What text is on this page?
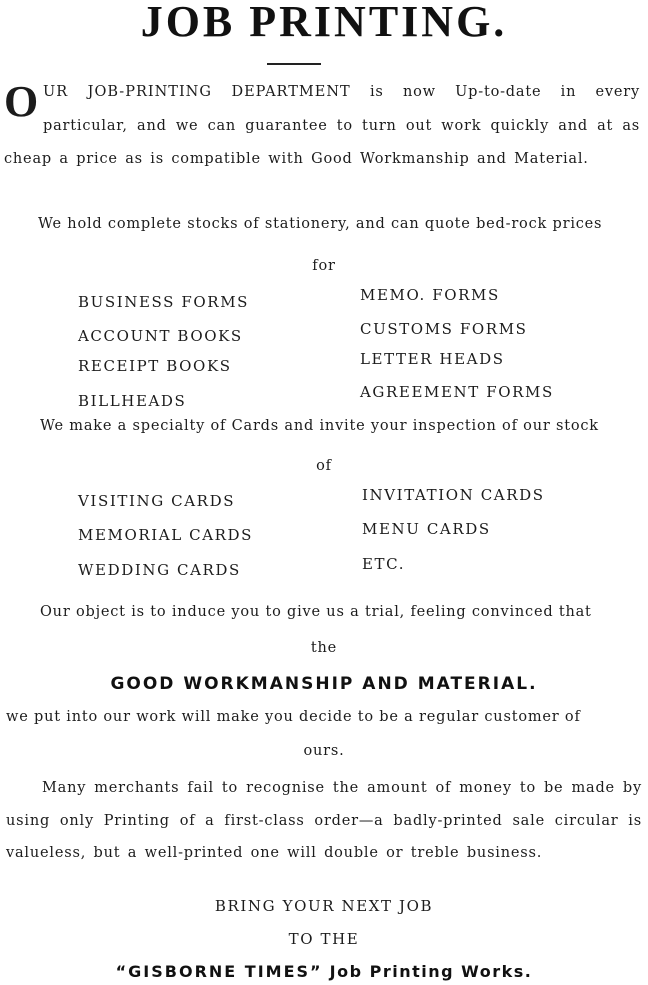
JOB PRINTING.
O UR JOB-PRINTING DEPARTMENT is now Up-to-date in every particular, and we can guarantee to turn out work quickly and at as cheap a price as is compatible with Good Workmanship and Material.
We hold complete stocks of stationery, and can quote bed-rock prices
for
BUSINESS FORMS
ACCOUNT BOOKS
RECEIPT BOOKS
BILLHEADS
MEMO. FORMS
CUSTOMS FORMS
LETTER HEADS
AGREEMENT FORMS
We make a specialty of Cards and invite your inspection of our stock
of
VISITING CARDS
MEMORIAL CARDS
WEDDING CARDS
INVITATION CARDS
MENU CARDS
ETC.
Our object is to induce you to give us a trial, feeling convinced that
the
GOOD WORKMANSHIP AND MATERIAL.
we put into our work will make you decide to be a regular customer of
ours.
Many merchants fail to recognise the amount of money to be made by using only Printing of a first-class order—a badly-printed sale circular is valueless, but a well-printed one will double or treble business.
BRING YOUR NEXT JOB
TO THE
“GISBORNE TIMES” Job Printing Works.
